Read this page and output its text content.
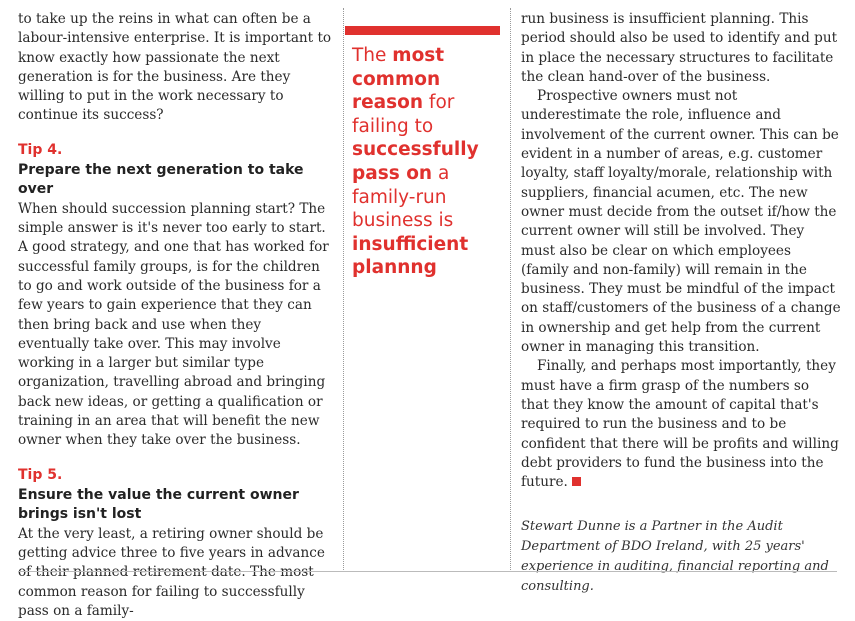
to take up the reins in what can often be a labour-intensive enterprise. It is important to know exactly how passionate the next generation is for the business. Are they willing to put in the work necessary to continue its success?

Tip 4.

Prepare the next generation to take over

When should succession planning start? The simple answer is it's never too early to start. A good strategy, and one that has worked for successful family groups, is for the children to go and work outside of the business for a few years to gain experience that they can then bring back and use when they eventually take over. This may involve working in a larger but similar type organization, travelling abroad and bringing back new ideas, or getting a qualification or training in an area that will benefit the new owner when they take over the business.

Tip 5.

Ensure the value the current owner brings isn't lost

At the very least, a retiring owner should be getting advice three to five years in advance of their planned retirement date. The most common reason for failing to successfully pass on a family-

The most common reason for failing to successfully pass on a family-run business is insufficient plannng

run business is insufficient planning. This period should also be used to identify and put in place the necessary structures to facilitate the clean hand-over of the business.

Prospective owners must not underestimate the role, influence and involvement of the current owner. This can be evident in a number of areas, e.g. customer loyalty, staff loyalty/morale, relationship with suppliers, financial acumen, etc. The new owner must decide from the outset if/how the current owner will still be involved. They must also be clear on which employees (family and non-family) will remain in the business. They must be mindful of the impact on staff/customers of the business of a change in ownership and get help from the current owner in managing this transition.

Finally, and perhaps most importantly, they must have a firm grasp of the numbers so that they know the amount of capital that's required to run the business and to be confident that there will be profits and willing debt providers to fund the business into the future.

Stewart Dunne is a Partner in the Audit Department of BDO Ireland, with 25 years' experience in auditing, financial reporting and consulting.
